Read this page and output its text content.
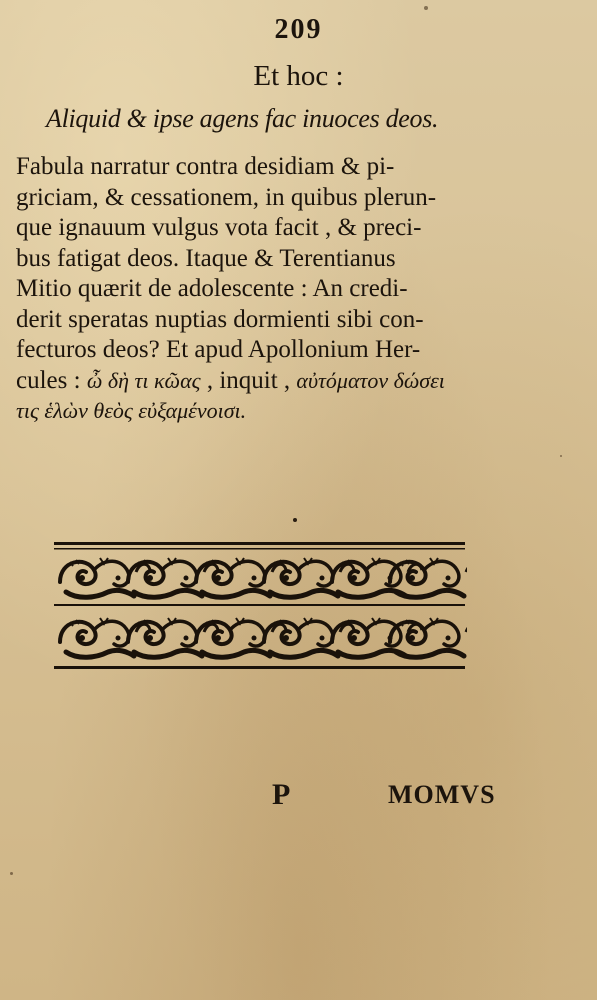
209
Et hoc :
Aliquid & ipse agens fac inuoces deos.
Fabula narratur contra desidiam & pi-
griciam, & cessationem, in quibus plerun-
que ignauum vulgus vota facit , & preci-
bus fatigat deos. Itaque & Terentianus
Mitio quærit de adolescente : An credi-
derit speratas nuptias dormienti sibi con-
fecturos deos? Et apud Apollonium Her-
cules : ὦ δὴ τι κῶας , inquit , αὐτόματον δώσει
τις ἑλὼν θεὸς εὐξαμένοισι.
P	MOMVS
